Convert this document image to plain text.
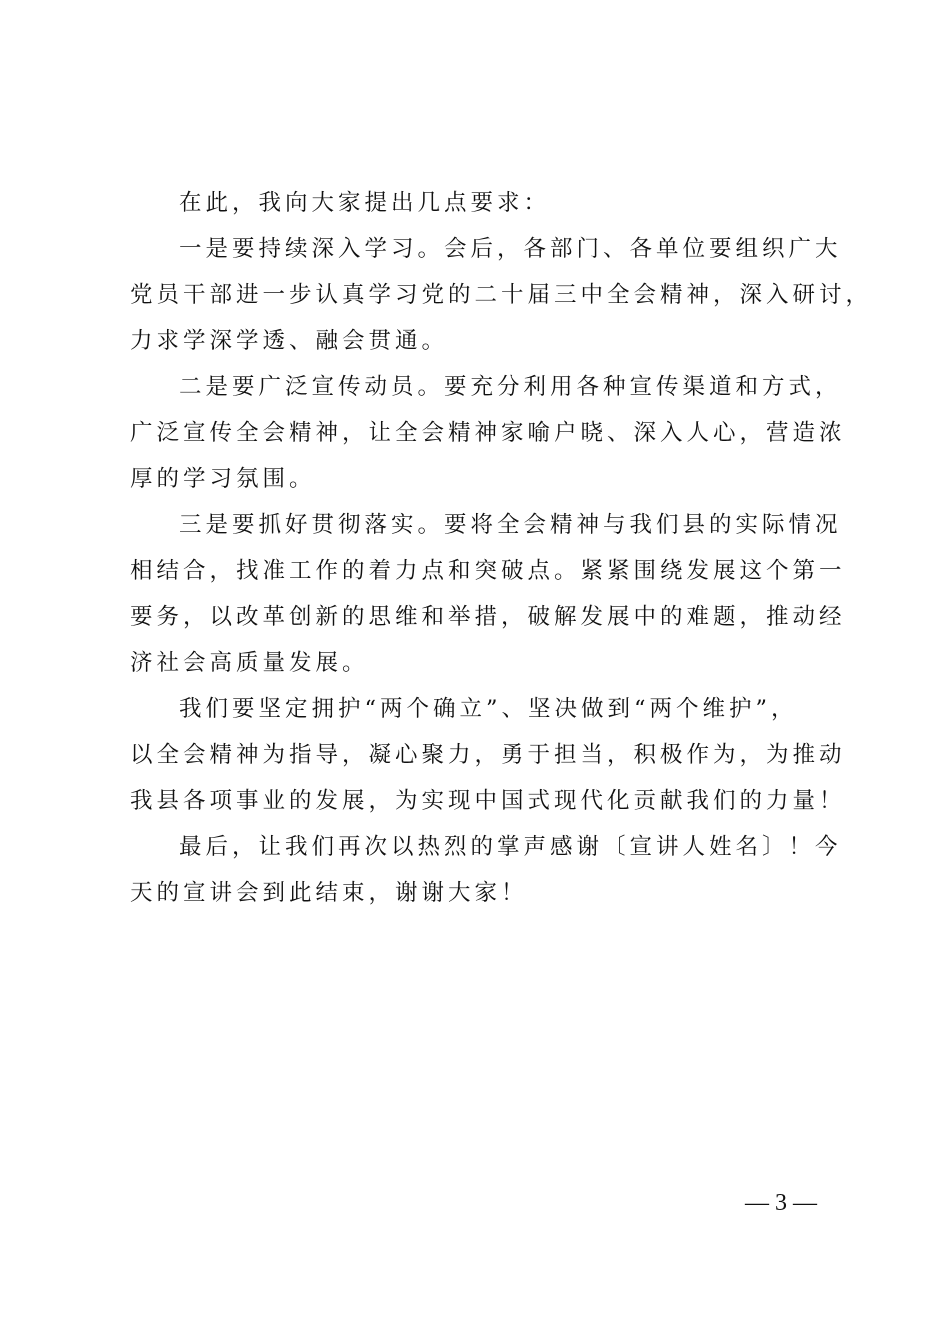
在此，我向大家提出几点要求：
一是要持续深入学习。会后，各部门、各单位要组织广大
党员干部进一步认真学习党的二十届三中全会精神，深入研讨，
力求学深学透、融会贯通。
二是要广泛宣传动员。要充分利用各种宣传渠道和方式，
广泛宣传全会精神，让全会精神家喻户晓、深入人心，营造浓
厚的学习氛围。
三是要抓好贯彻落实。要将全会精神与我们县的实际情况
相结合，找准工作的着力点和突破点。紧紧围绕发展这个第一
要务，以改革创新的思维和举措，破解发展中的难题，推动经
济社会高质量发展。
我们要坚定拥护“两个确立”、坚决做到“两个维护”，
以全会精神为指导，凝心聚力，勇于担当，积极作为，为推动
我县各项事业的发展，为实现中国式现代化贡献我们的力量！
最后，让我们再次以热烈的掌声感谢〔宣讲人姓名〕！今
天的宣讲会到此结束，谢谢大家！
— 3 —
